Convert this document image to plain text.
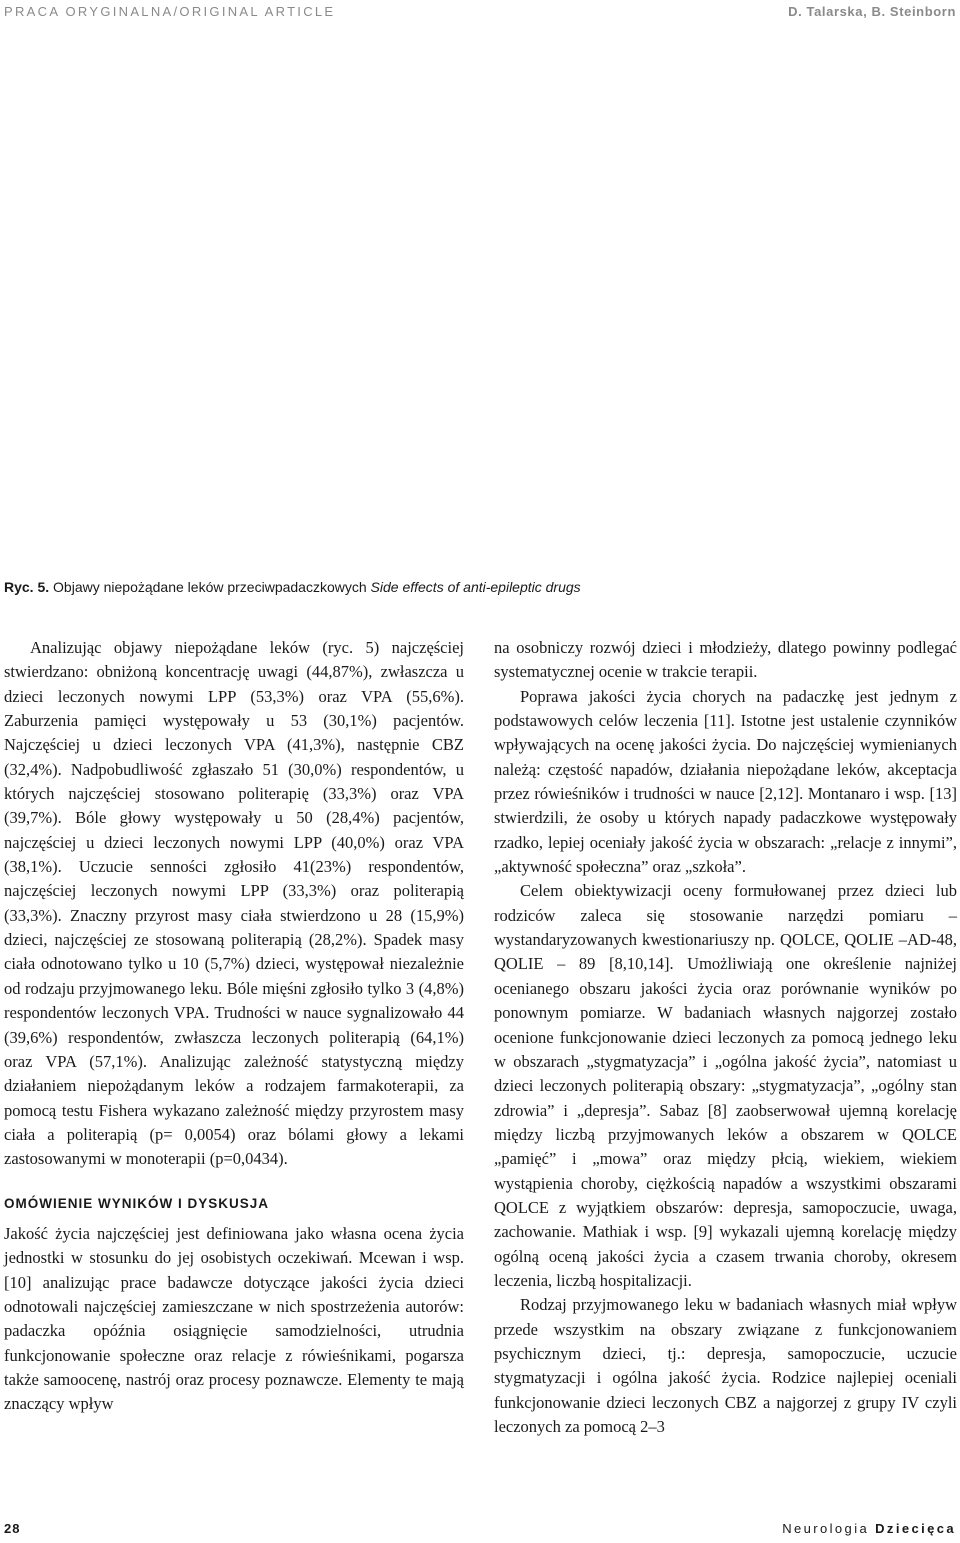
PRACA ORYGINALNA/ORIGINAL ARTICLE	D. Talarska, B. Steinborn
Ryc. 5. Objawy niepożądane leków przeciwpadaczkowych Side effects of anti-epileptic drugs

Analizując objawy niepożądane leków (ryc. 5) najczęściej stwierdzano: obniżoną koncentrację uwagi (44,87%), zwłaszcza u dzieci leczonych nowymi LPP (53,3%) oraz VPA (55,6%). Zaburzenia pamięci występowały u 53 (30,1%) pacjentów. Najczęściej u dzieci leczonych VPA (41,3%), następnie CBZ (32,4%). Nadpobudliwość zgłaszało 51 (30,0%) respondentów, u których najczęściej stosowano politerapię (33,3%) oraz VPA (39,7%). Bóle głowy występowały u 50 (28,4%) pacjentów, najczęściej u dzieci leczonych nowymi LPP (40,0%) oraz VPA (38,1%). Uczucie senności zgłosiło 41(23%) respondentów, najczęściej leczonych nowymi LPP (33,3%) oraz politerapią (33,3%). Znaczny przyrost masy ciała stwierdzono u 28 (15,9%) dzieci, najczęściej ze stosowaną politerapią (28,2%). Spadek masy ciała odnotowano tylko u 10 (5,7%) dzieci, występował niezależnie od rodzaju przyjmowanego leku. Bóle mięśni zgłosiło tylko 3 (4,8%) respondentów leczonych VPA. Trudności w nauce sygnalizowało 44 (39,6%) respondentów, zwłaszcza leczonych politerapią (64,1%) oraz VPA (57,1%). Analizując zależność statystyczną między działaniem niepożądanym leków a rodzajem farmakoterapii, za pomocą testu Fishera wykazano zależność między przyrostem masy ciała a politerapią (p= 0,0054) oraz bólami głowy a lekami zastosowanymi w monoterapii (p=0,0434).

OMÓWIENIE WYNIKÓW I DYSKUSJA

Jakość życia najczęściej jest definiowana jako własna ocena życia jednostki w stosunku do jej osobistych oczekiwań. Mcewan i wsp. [10] analizując prace badawcze dotyczące jakości życia dzieci odnotowali najczęściej zamieszczane w nich spostrzeżenia autorów: padaczka opóźnia osiągnięcie samodzielności, utrudnia funkcjonowanie społeczne oraz relacje z rówieśnikami, pogarsza także samoocenę, nastrój oraz procesy poznawcze. Elementy te mają znaczący wpływ

na osobniczy rozwój dzieci i młodzieży, dlatego powinny podlegać systematycznej ocenie w trakcie terapii.

Poprawa jakości życia chorych na padaczkę jest jednym z podstawowych celów leczenia [11]. Istotne jest ustalenie czynników wpływających na ocenę jakości życia. Do najczęściej wymienianych należą: częstość napadów, działania niepożądane leków, akceptacja przez rówieśników i trudności w nauce [2,12]. Montanaro i wsp. [13] stwierdzili, że osoby u których napady padaczkowe występowały rzadko, lepiej oceniały jakość życia w obszarach: „relacje z innymi”, „aktywność społeczna” oraz „szkoła”.

Celem obiektywizacji oceny formułowanej przez dzieci lub rodziców zaleca się stosowanie narzędzi pomiaru – wystandaryzowanych kwestionariuszy np. QOLCE, QOLIE –AD-48, QOLIE – 89 [8,10,14]. Umożliwiają one określenie najniżej ocenianego obszaru jakości życia oraz porównanie wyników po ponownym pomiarze. W badaniach własnych najgorzej zostało ocenione funkcjonowanie dzieci leczonych za pomocą jednego leku w obszarach „stygmatyzacja” i „ogólna jakość życia”, natomiast u dzieci leczonych politerapią obszary: „stygmatyzacja”, „ogólny stan zdrowia” i „depresja”. Sabaz [8] zaobserwował ujemną korelację między liczbą przyjmowanych leków a obszarem w QOLCE „pamięć” i „mowa” oraz między płcią, wiekiem, wiekiem wystąpienia choroby, ciężkością napadów a wszystkimi obszarami QOLCE z wyjątkiem obszarów: depresja, samopoczucie, uwaga, zachowanie. Mathiak i wsp. [9] wykazali ujemną korelację między ogólną oceną jakości życia a czasem trwania choroby, okresem leczenia, liczbą hospitalizacji.

Rodzaj przyjmowanego leku w badaniach własnych miał wpływ przede wszystkim na obszary związane z funkcjonowaniem psychicznym dzieci, tj.: depresja, samopoczucie, uczucie stygmatyzacji i ogólna jakość życia. Rodzice najlepiej oceniali funkcjonowanie dzieci leczonych CBZ a najgorzej z grupy IV czyli leczonych za pomocą 2–3

28	Neurologia Dziecięca
